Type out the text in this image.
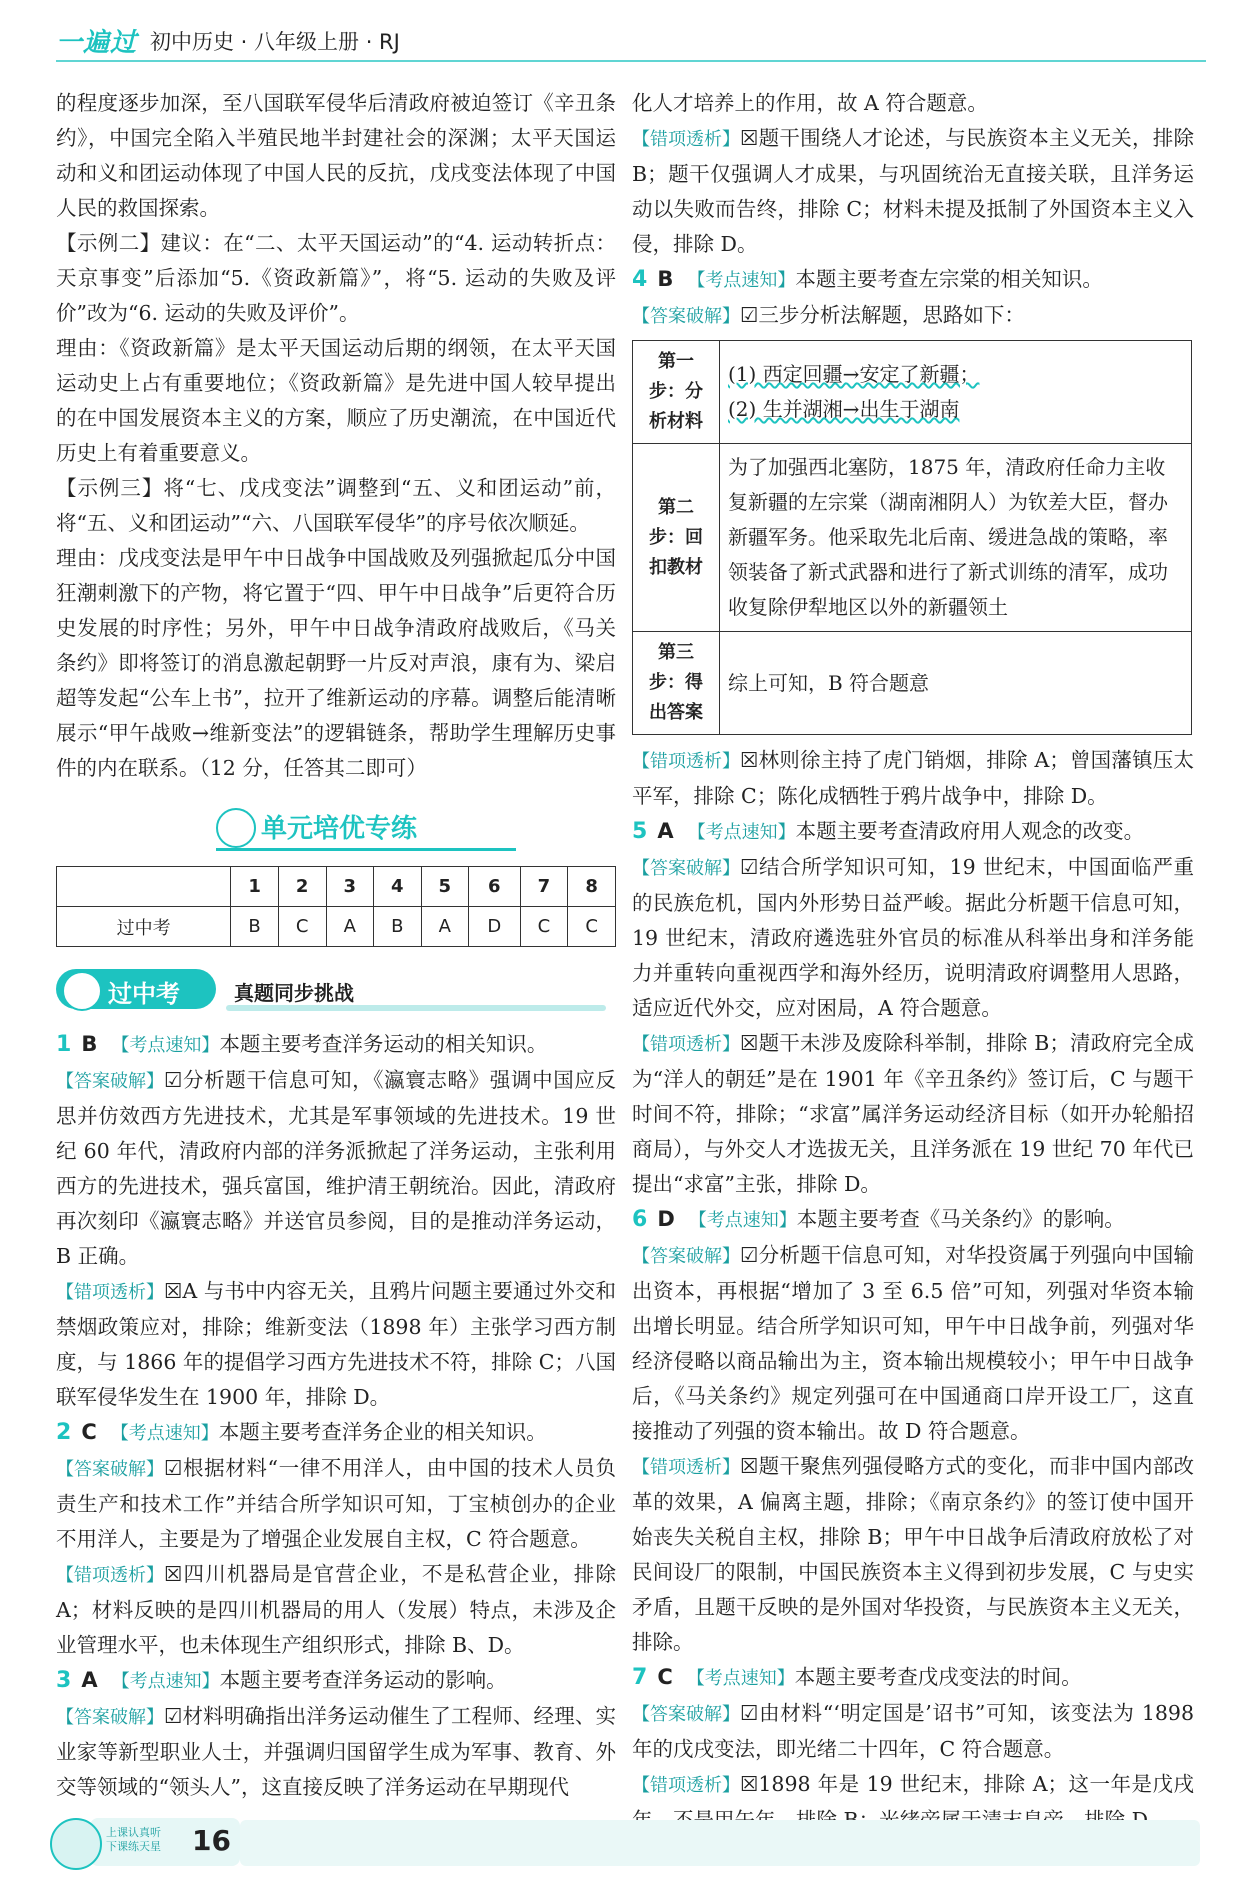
一遍过 初中历史 · 八年级上册 · RJ

的程度逐步加深，至八国联军侵华后清政府被迫签订《辛丑条约》，中国完全陷入半殖民地半封建社会的深渊；太平天国运动和义和团运动体现了中国人民的反抗，戊戌变法体现了中国人民的救国探索。

【示例二】建议：在“二、太平天国运动”的“4. 运动转折点：天京事变”后添加“5.《资政新篇》”，将“5. 运动的失败及评价”改为“6. 运动的失败及评价”。

理由：《资政新篇》是太平天国运动后期的纲领，在太平天国运动史上占有重要地位；《资政新篇》是先进中国人较早提出的在中国发展资本主义的方案，顺应了历史潮流，在中国近代历史上有着重要意义。

【示例三】将“七、戊戌变法”调整到“五、义和团运动”前，将“五、义和团运动”“六、八国联军侵华”的序号依次顺延。

理由：戊戌变法是甲午中日战争中国战败及列强掀起瓜分中国狂潮刺激下的产物，将它置于“四、甲午中日战争”后更符合历史发展的时序性；另外，甲午中日战争清政府战败后，《马关条约》即将签订的消息激起朝野一片反对声浪，康有为、梁启超等发起“公车上书”，拉开了维新运动的序幕。调整后能清晰展示“甲午战败→维新变法”的逻辑链条，帮助学生理解历史事件的内在联系。（12 分，任答其二即可）

单元培优专练
	1	2	3	4	5	6	7	8
过中考	B	C	A	B	A	D	C	C
过中考	真题同步挑战

1 B 【 考点速知 】 本题主要考查洋务运动的相关知识。

【 答案破解 】 ☑分析题干信息可知，《瀛寰志略》强调中国应反思并仿效西方先进技术，尤其是军事领域的先进技术。19 世纪 60 年代，清政府内部的洋务派掀起了洋务运动，主张利用西方的先进技术，强兵富国，维护清王朝统治。因此，清政府再次刻印《瀛寰志略》并送官员参阅，目的是推动洋务运动，B 正确。

【 错项透析 】 ☒A 与书中内容无关，且鸦片问题主要通过外交和禁烟政策应对，排除；维新变法（1898 年）主张学习西方制度，与 1866 年的提倡学习西方先进技术不符，排除 C；八国联军侵华发生在 1900 年，排除 D。

2 C 【 考点速知 】 本题主要考查洋务企业的相关知识。

【 答案破解 】 ☑根据材料“一律不用洋人，由中国的技术人员负责生产和技术工作”并结合所学知识可知，丁宝桢创办的企业不用洋人，主要是为了增强企业发展自主权，C 符合题意。

【 错项透析 】 ☒四川机器局是官营企业，不是私营企业，排除 A；材料反映的是四川机器局的用人（发展）特点，未涉及企业管理水平，也未体现生产组织形式，排除 B、D。

3 A 【 考点速知 】 本题主要考查洋务运动的影响。

【 答案破解 】 ☑材料明确指出洋务运动催生了工程师、经理、实业家等新型职业人士，并强调归国留学生成为军事、教育、外交等领域的“领头人”，这直接反映了洋务运动在早期现代

化人才培养上的作用，故 A 符合题意。

【 错项透析 】 ☒题干围绕人才论述，与民族资本主义无关，排除 B；题干仅强调人才成果，与巩固统治无直接关联，且洋务运动以失败而告终，排除 C；材料未提及抵制了外国资本主义入侵，排除 D。

4 B 【 考点速知 】 本题主要考查左宗棠的相关知识。

【 答案破解 】 ☑三步分析法解题，思路如下：

第一步：分析材料	(1) 西定回疆→安定了新疆；
(2) 生并湖湘→出生于湖南

第二步：回扣教材	为了加强西北塞防，1875 年，清政府任命力主收复新疆的左宗棠（湖南湘阴人）为钦差大臣，督办新疆军务。他采取先北后南、缓进急战的策略，率领装备了新式武器和进行了新式训练的清军，成功收复除伊犁地区以外的新疆领土
第三步：得出答案	综上可知，B 符合题意

【 错项透析 】 ☒林则徐主持了虎门销烟，排除 A；曾国藩镇压太平军，排除 C；陈化成牺牲于鸦片战争中，排除 D。

5 A 【 考点速知 】 本题主要考查清政府用人观念的改变。

【 答案破解 】 ☑结合所学知识可知，19 世纪末，中国面临严重的民族危机，国内外形势日益严峻。据此分析题干信息可知，19 世纪末，清政府遴选驻外官员的标准从科举出身和洋务能力并重转向重视西学和海外经历，说明清政府调整用人思路，适应近代外交，应对困局，A 符合题意。

【 错项透析 】 ☒题干未涉及废除科举制，排除 B；清政府完全成为“洋人的朝廷”是在 1901 年《辛丑条约》签订后，C 与题干时间不符，排除；“求富”属洋务运动经济目标（如开办轮船招商局），与外交人才选拔无关，且洋务派在 19 世纪 70 年代已提出“求富”主张，排除 D。

6 D 【 考点速知 】 本题主要考查《马关条约》的影响。

【 答案破解 】 ☑分析题干信息可知，对华投资属于列强向中国输出资本，再根据“增加了 3 至 6.5 倍”可知，列强对华资本输出增长明显。结合所学知识可知，甲午中日战争前，列强对华经济侵略以商品输出为主，资本输出规模较小；甲午中日战争后，《马关条约》规定列强可在中国通商口岸开设工厂，这直接推动了列强的资本输出。故 D 符合题意。

【 错项透析 】 ☒题干聚焦列强侵略方式的变化，而非中国内部改革的效果，A 偏离主题，排除；《南京条约》的签订使中国开始丧失关税自主权，排除 B；甲午中日战争后清政府放松了对民间设厂的限制，中国民族资本主义得到初步发展，C 与史实矛盾，且题干反映的是外国对华投资，与民族资本主义无关，排除。

7 C 【 考点速知 】 本题主要考查戊戌变法的时间。

【 答案破解 】 ☑由材料“‘明定国是’诏书”可知，该变法为 1898 年的戊戌变法，即光绪二十四年，C 符合题意。

【 错项透析 】 ☒1898 年是 19 世纪末，排除 A；这一年是戊戌

上课认真听
下课练天星 16
